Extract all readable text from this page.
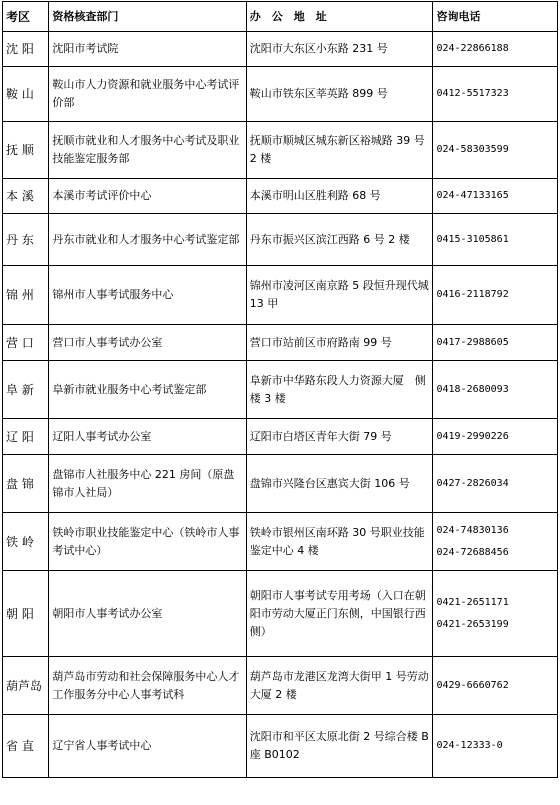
考区	资格核查部门	办　公　地　址	咨询电话
沈 阳	沈阳市考试院	沈阳市大东区小东路 231 号	024-22866188

鞍 山	鞍山市人力资源和就业服务中心考试评价部	鞍山市铁东区莘英路 899 号	0412-5517323

抚 顺	抚顺市就业和人才服务中心考试及职业技能鉴定服务部	抚顺市顺城区城东新区裕城路 39 号 2 楼	024-58303599

本 溪	本溪市考试评价中心	本溪市明山区胜利路 68 号	024-47133165

丹 东	丹东市就业和人才服务中心考试鉴定部	丹东市振兴区滨江西路 6 号 2 楼	0415-3105861

锦 州	锦州市人事考试服务中心	锦州市凌河区南京路 5 段恒升现代城 13 甲	0416-2118792

营 口	营口市人事考试办公室	营口市站前区市府路南 99 号	0417-2988605

阜 新	阜新市就业服务中心考试鉴定部	阜新市中华路东段人力资源大厦　侧楼 3 楼	0418-2680093

辽 阳	辽阳人事考试办公室	辽阳市白塔区青年大街 79 号	0419-2990226

盘 锦	盘锦市人社服务中心 221 房间（原盘锦市人社局）	盘锦市兴隆台区惠宾大街 106 号	0427-2826034

铁 岭	铁岭市职业技能鉴定中心（铁岭市人事考试中心）	铁岭市银州区南环路 30 号职业技能鉴定中心 4 楼	024-74830136
024-72688456

朝 阳	朝阳市人事考试办公室	朝阳市人事考试专用考场（入口在朝阳市劳动大厦正门东侧，中国银行西侧）	0421-2651171
0421-2653199

葫芦岛	葫芦岛市劳动和社会保障服务中心人才工作服务分中心人事考试科	葫芦岛市龙港区龙湾大街甲 1 号劳动大厦 2 楼	0429-6660762

省 直	辽宁省人事考试中心	沈阳市和平区太原北街 2 号综合楼 B 座 B0102	024-12333-0
